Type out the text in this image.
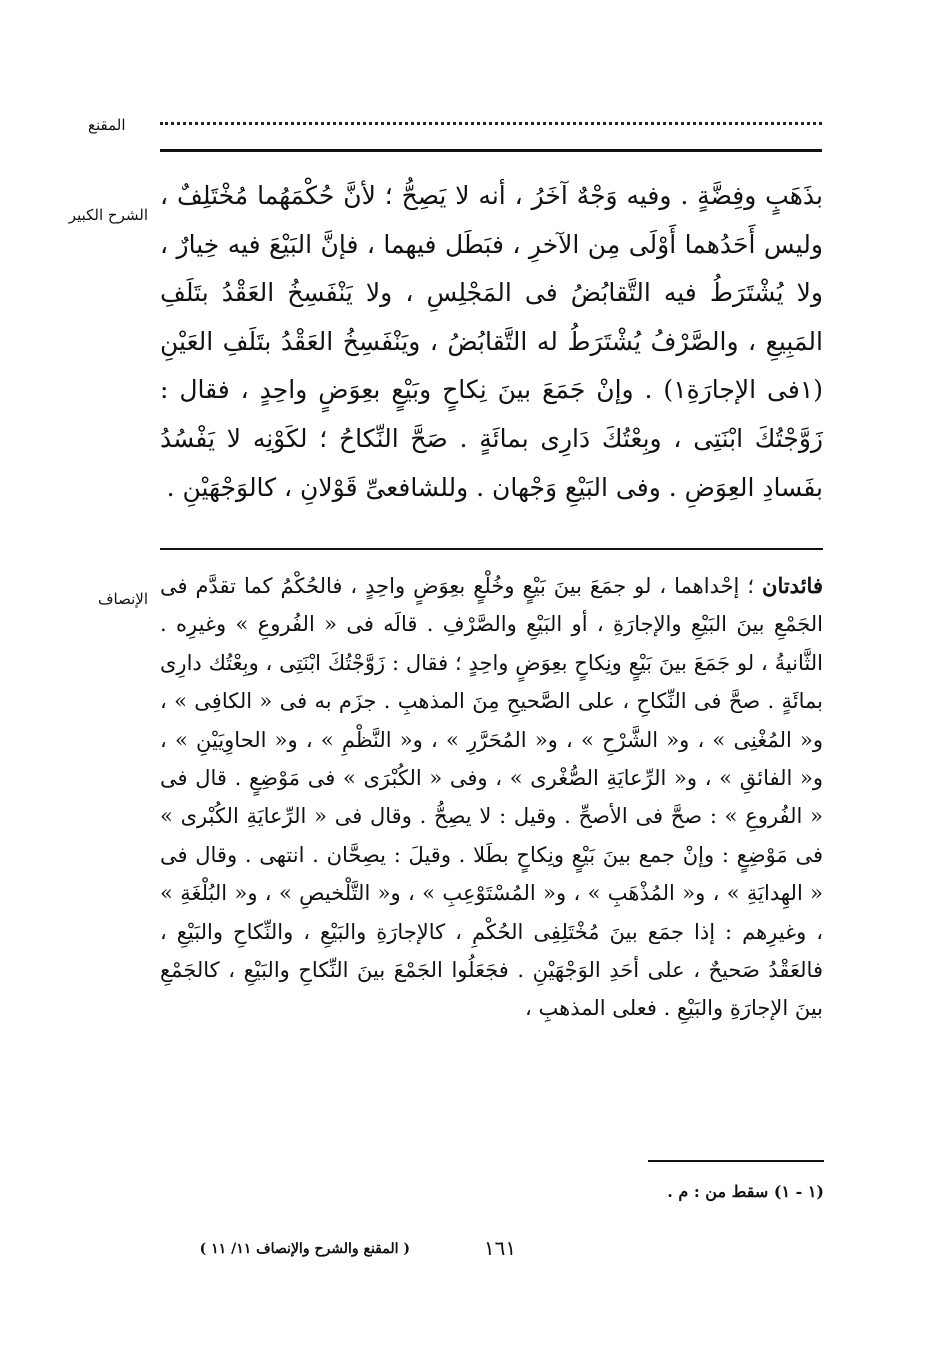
المقنع
الشرح الكبير

بذَهَبٍ وفِضَّةٍ . وفيه وَجْهٌ آخَرُ ، أنه لا يَصِحُّ ؛ لأنَّ حُكْمَهُما مُخْتَلِفٌ ، وليس أَحَدُهما أَوْلَى مِن الآخرِ ، فبَطَل فيهما ، فإنَّ البَيْعَ فيه خِيارٌ ، ولا يُشْتَرَطُ فيه التَّقابُضُ فى المَجْلِسِ ، ولا يَنْفَسِخُ العَقْدُ بتَلَفِ المَبِيعِ ، والصَّرْفُ يُشْتَرَطُ له التَّقابُضُ ، ويَنْفَسِخُ العَقْدُ بتَلَفِ العَيْنِ (١فى الإجارَةِ١) . وإنْ جَمَعَ بينَ نِكاحٍ وبَيْعٍ بعِوَضٍ واحِدٍ ، فقال : زَوَّجْتُكَ ابْنَتِى ، وبِعْتُكَ دَارِى بمائَةٍ . صَحَّ النِّكاحُ ؛ لكَوْنِه لا يَفْسُدُ بفَسادِ العِوَضِ . وفى البَيْعِ وَجْهان . وللشافعىِّ قَوْلانِ ، كالوَجْهَيْنِ .

الإنصاف

فائدتان ؛ إحْداهما ، لو جمَعَ بينَ بَيْعٍ وخُلْعٍ بعِوَضٍ واحِدٍ ، فالحُكْمُ كما تقدَّم فى الجَمْعِ بينَ البَيْعِ والإجارَةِ ، أو البَيْعِ والصَّرْفِ . قالَه فى « الفُروعِ » وغيرِه . الثَّانيةُ ، لو جَمَعَ بينَ بَيْعٍ ونِكاحٍ بعِوَضٍ واحِدٍ ؛ فقال : زَوَّجْتُكَ ابْنَتِى ، وبِعْتُك دارِى بمائَةٍ . صحَّ فى النِّكاحِ ، على الصَّحيحِ مِنَ المذهبِ . جزَم به فى « الكافِى » ، و« المُغْنِى » ، و« الشَّرْحِ » ، و« المُحَرَّرِ » ، و« النَّظْمِ » ، و« الحاوِيَيْنِ » ، و« الفائقِ » ، و« الرِّعايَةِ الصُّغْرى » ، وفى « الكُبْرَى » فى مَوْضِعٍ . قال فى « الفُروعِ » : صحَّ فى الأصحِّ . وقيل : لا يصِحُّ . وقال فى « الرِّعايَةِ الكُبْرى » فى مَوْضِعٍ : وإنْ جمع بينَ بَيْعٍ ونِكاحٍ بطَلا . وقيلَ : يصِحَّان . انتهى . وقال فى « الهِدايَةِ » ، و« المُذْهَبِ » ، و« المُسْتَوْعِبِ » ، و« التَّلْخيصِ » ، و« البُلْغَةِ » ، وغيرِهم : إذا جمَع بينَ مُخْتَلِفِى الحُكْمِ ، كالإجارَةِ والبَيْعِ ، والنِّكاحِ والبَيْعِ ، فالعَقْدُ صَحيحٌ ، على أحَدِ الوَجْهَيْنِ . فجَعَلُوا الجَمْعَ بينَ النِّكاحِ والبَيْعِ ، كالجَمْعِ بينَ الإجارَةِ والبَيْعِ . فعلى المذهبِ ،

(١ - ١) سقط من : م .
١٦١
( المقنع والشرح والإنصاف ١١/ ١١ )
